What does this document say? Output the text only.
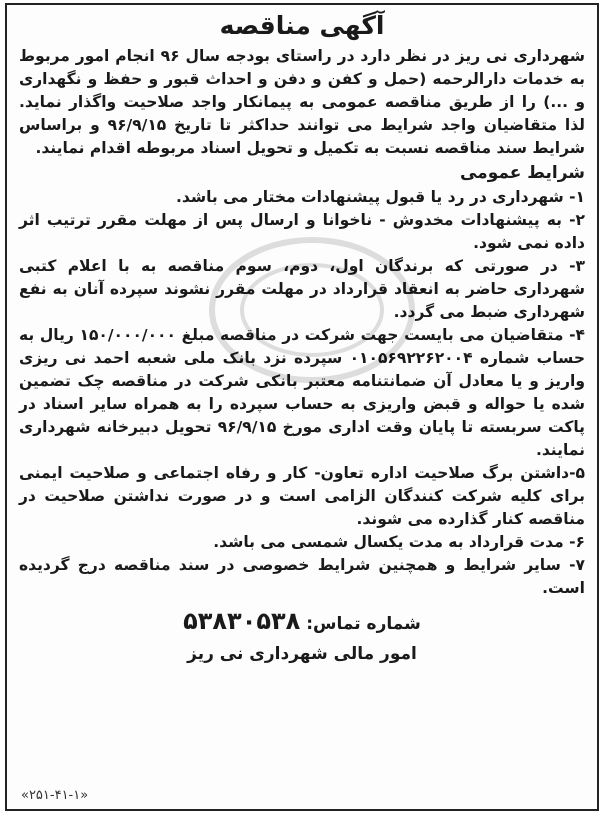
آگهی مناقصه

شهرداری نی ریز در نظر دارد در راستای بودجه سال ۹۶ انجام امور مربوط به خدمات دارالرحمه (حمل و کفن و دفن و احداث قبور و حفظ و نگهداری و ...) را از طریق مناقصه عمومی به پیمانکار واجد صلاحیت واگذار نماید. لذا متقاضیان واجد شرایط می توانند حداکثر تا تاریخ ۹۶/۹/۱۵ و براساس شرایط سند مناقصه نسبت به تکمیل و تحویل اسناد مربوطه اقدام نمایند.

شرایط عمومی
۱- شهرداری در رد یا قبول پیشنهادات مختار می باشد.
۲- به پیشنهادات مخدوش - ناخوانا و ارسال پس از مهلت مقرر ترتیب اثر داده نمی شود.
۳- در صورتی که برندگان اول، دوم، سوم مناقصه به با اعلام کتبی شهرداری حاضر به انعقاد قرارداد در مهلت مقرر نشوند سپرده آنان به نفع شهرداری ضبط می گردد.
۴- متقاضیان می بایست جهت شرکت در مناقصه مبلغ ۱۵۰/۰۰۰/۰۰۰ ریال به حساب شماره ۰۱۰۵۶۹۲۲۶۲۰۰۴ سپرده نزد بانک ملی شعبه احمد نی ریزی واریز و یا معادل آن ضمانتنامه معتبر بانکی شرکت در مناقصه چک تضمین شده یا حواله و قبض واریزی به حساب سپرده را به همراه سایر اسناد در پاکت سربسته تا پایان وقت اداری مورخ ۹۶/۹/۱۵ تحویل دبیرخانه شهرداری نمایند.
۵-داشتن برگ صلاحیت اداره تعاون- کار و رفاه اجتماعی و صلاحیت ایمنی برای کلیه شرکت کنندگان الزامی است و در صورت نداشتن صلاحیت در مناقصه کنار گذارده می شوند.
۶- مدت قرارداد به مدت یکسال شمسی می باشد.
۷- سایر شرایط و همچنین شرایط خصوصی در سند مناقصه درج گردیده است.
شماره تماس: ۵۳۸۳۰۵۳۸
امور مالی شهرداری نی ریز
«۲۵۱-۴۱-۱»
